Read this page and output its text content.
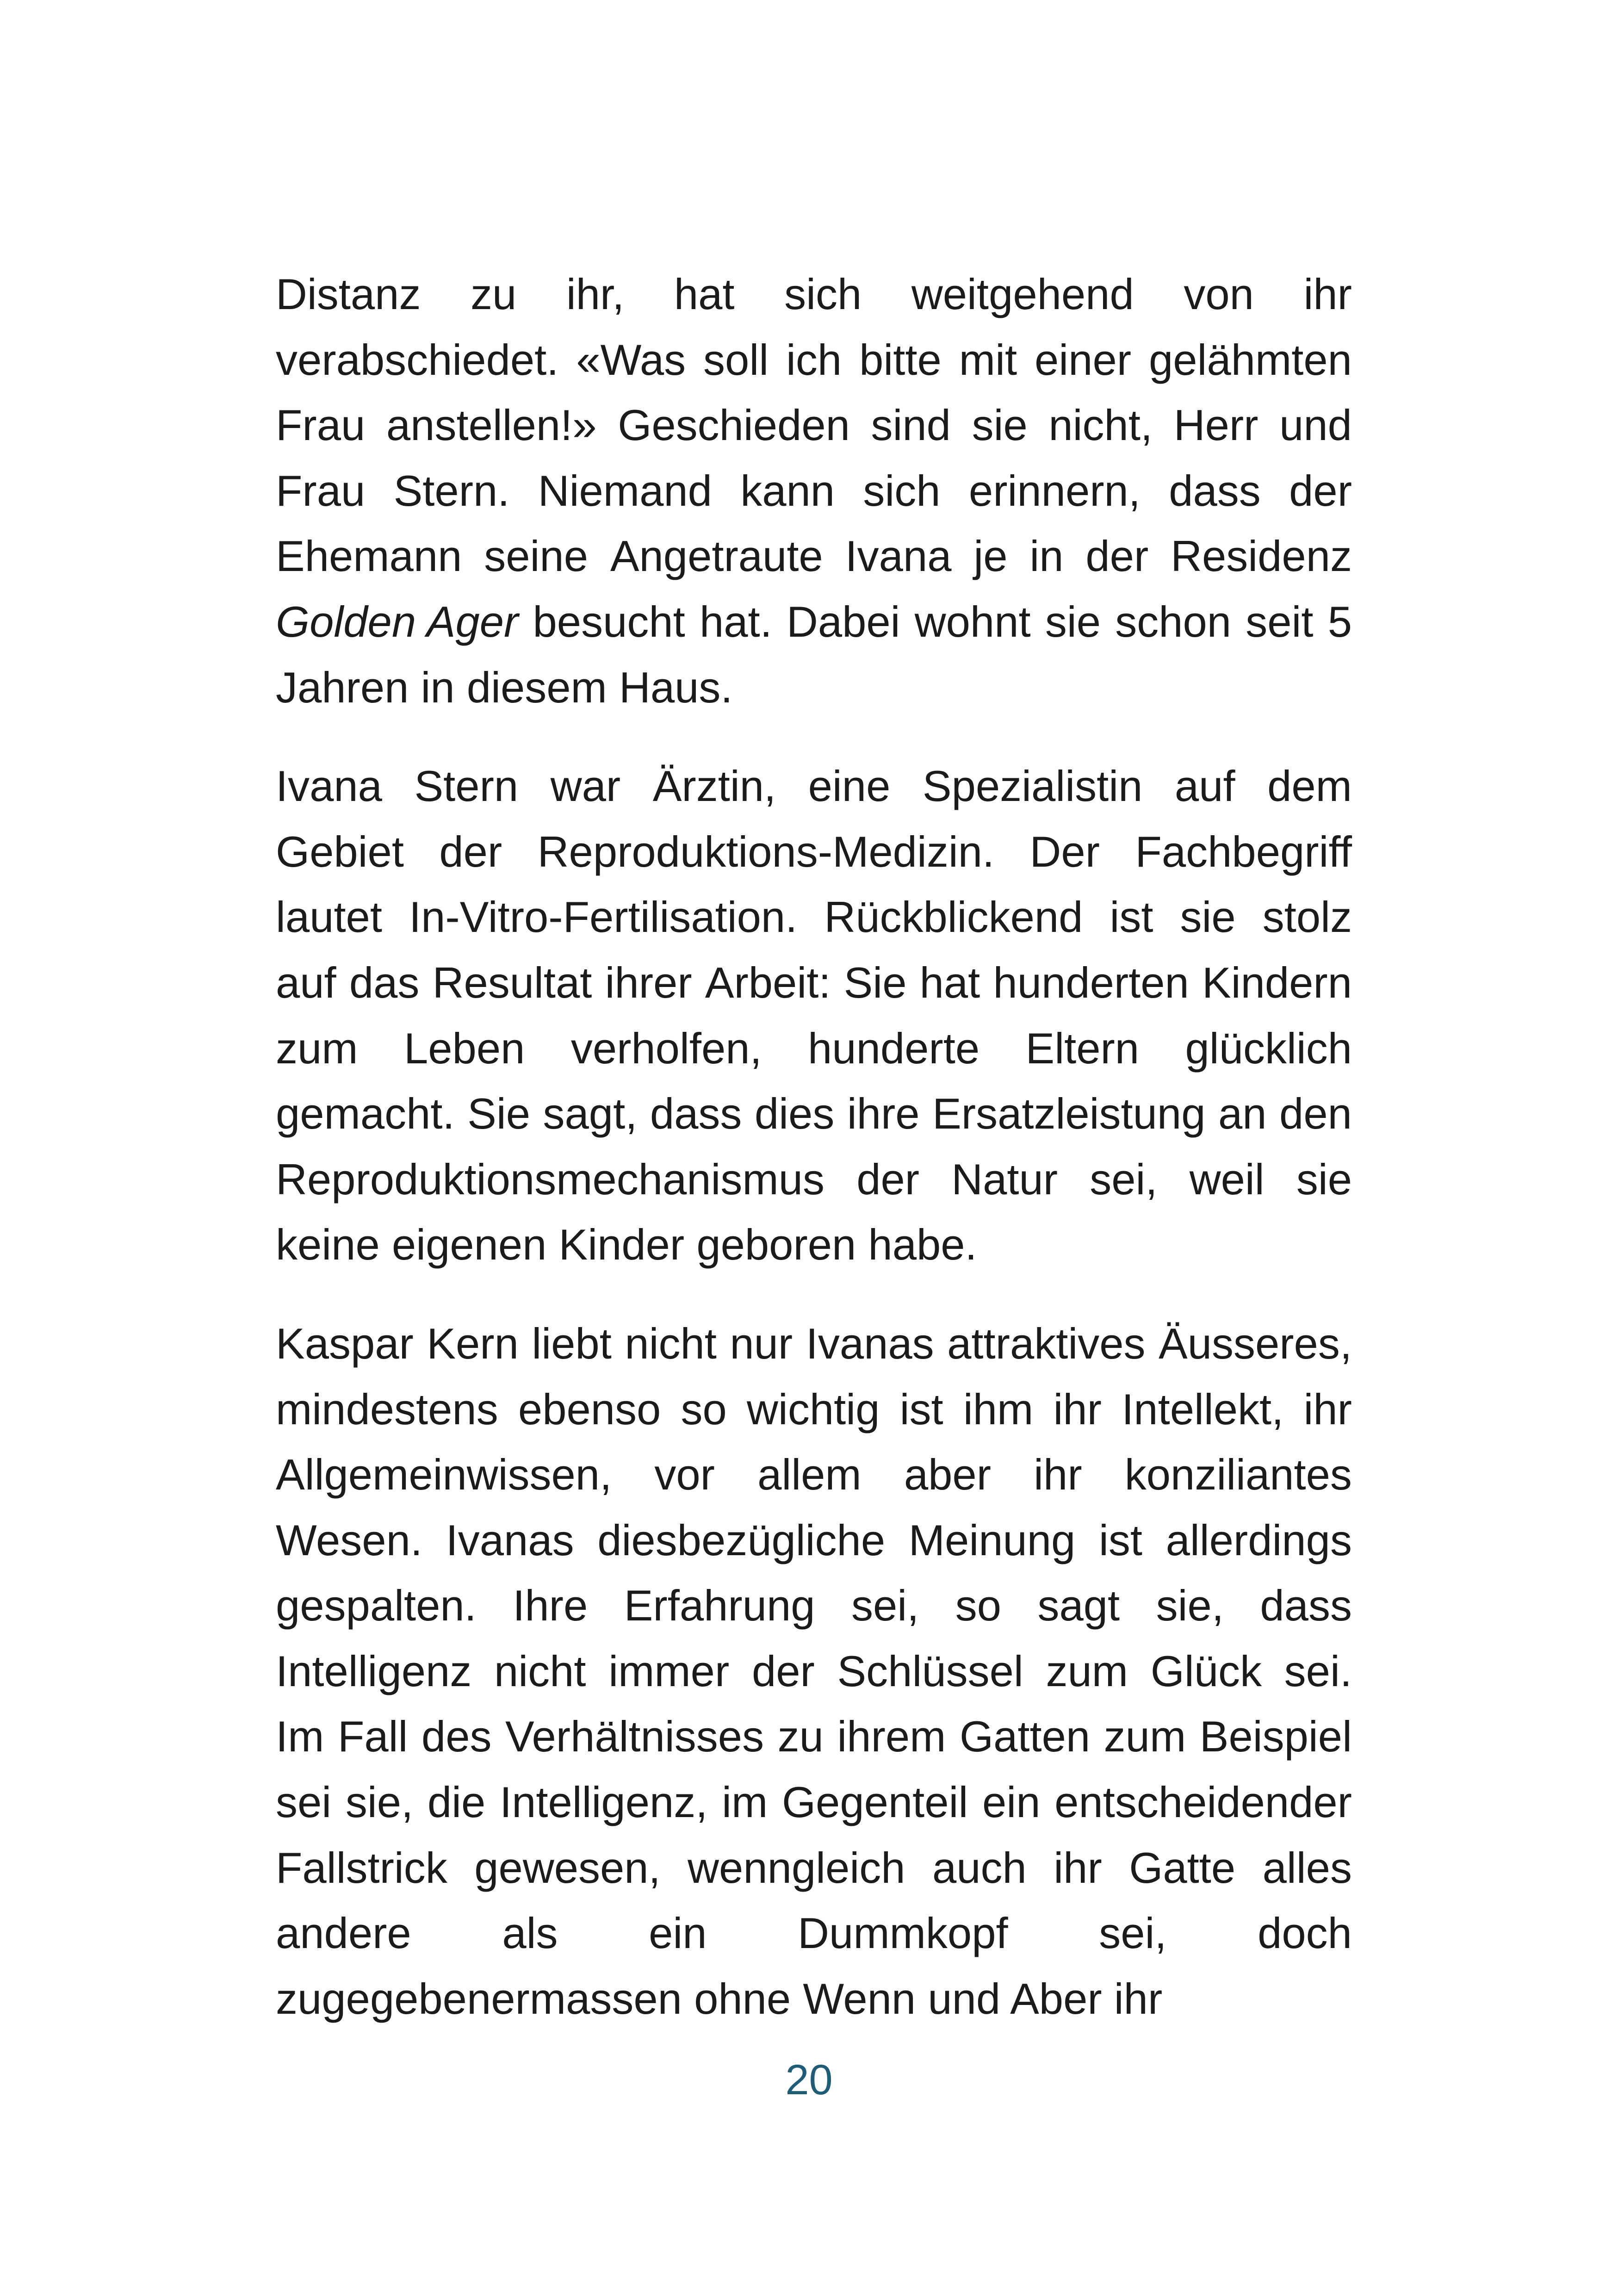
Distanz zu ihr, hat sich weitgehend von ihr
verabschiedet. «Was soll ich bitte mit einer gelähmten
Frau anstellen!» Geschieden sind sie nicht, Herr und
Frau Stern. Niemand kann sich erinnern, dass der
Ehemann seine Angetraute Ivana je in der Residenz
Golden Ager besucht hat. Dabei wohnt sie schon seit 5
Jahren in diesem Haus.
Ivana Stern war Ärztin, eine Spezialistin auf dem
Gebiet der Reproduktions-Medizin. Der Fachbegriff
lautet In-Vitro-Fertilisation. Rückblickend ist sie stolz
auf das Resultat ihrer Arbeit: Sie hat hunderten Kindern
zum Leben verholfen, hunderte Eltern glücklich
gemacht. Sie sagt, dass dies ihre Ersatzleistung an den
Reproduktionsmechanismus der Natur sei, weil sie
keine eigenen Kinder geboren habe.
Kaspar Kern liebt nicht nur Ivanas attraktives Äusseres,
mindestens ebenso so wichtig ist ihm ihr Intellekt, ihr
Allgemeinwissen, vor allem aber ihr konziliantes
Wesen. Ivanas diesbezügliche Meinung ist allerdings
gespalten. Ihre Erfahrung sei, so sagt sie, dass
Intelligenz nicht immer der Schlüssel zum Glück sei.
Im Fall des Verhältnisses zu ihrem Gatten zum Beispiel
sei sie, die Intelligenz, im Gegenteil ein entscheidender
Fallstrick gewesen, wenngleich auch ihr Gatte alles
andere als ein Dummkopf sei, doch
zugegebenermassen ohne Wenn und Aber ihr
20
